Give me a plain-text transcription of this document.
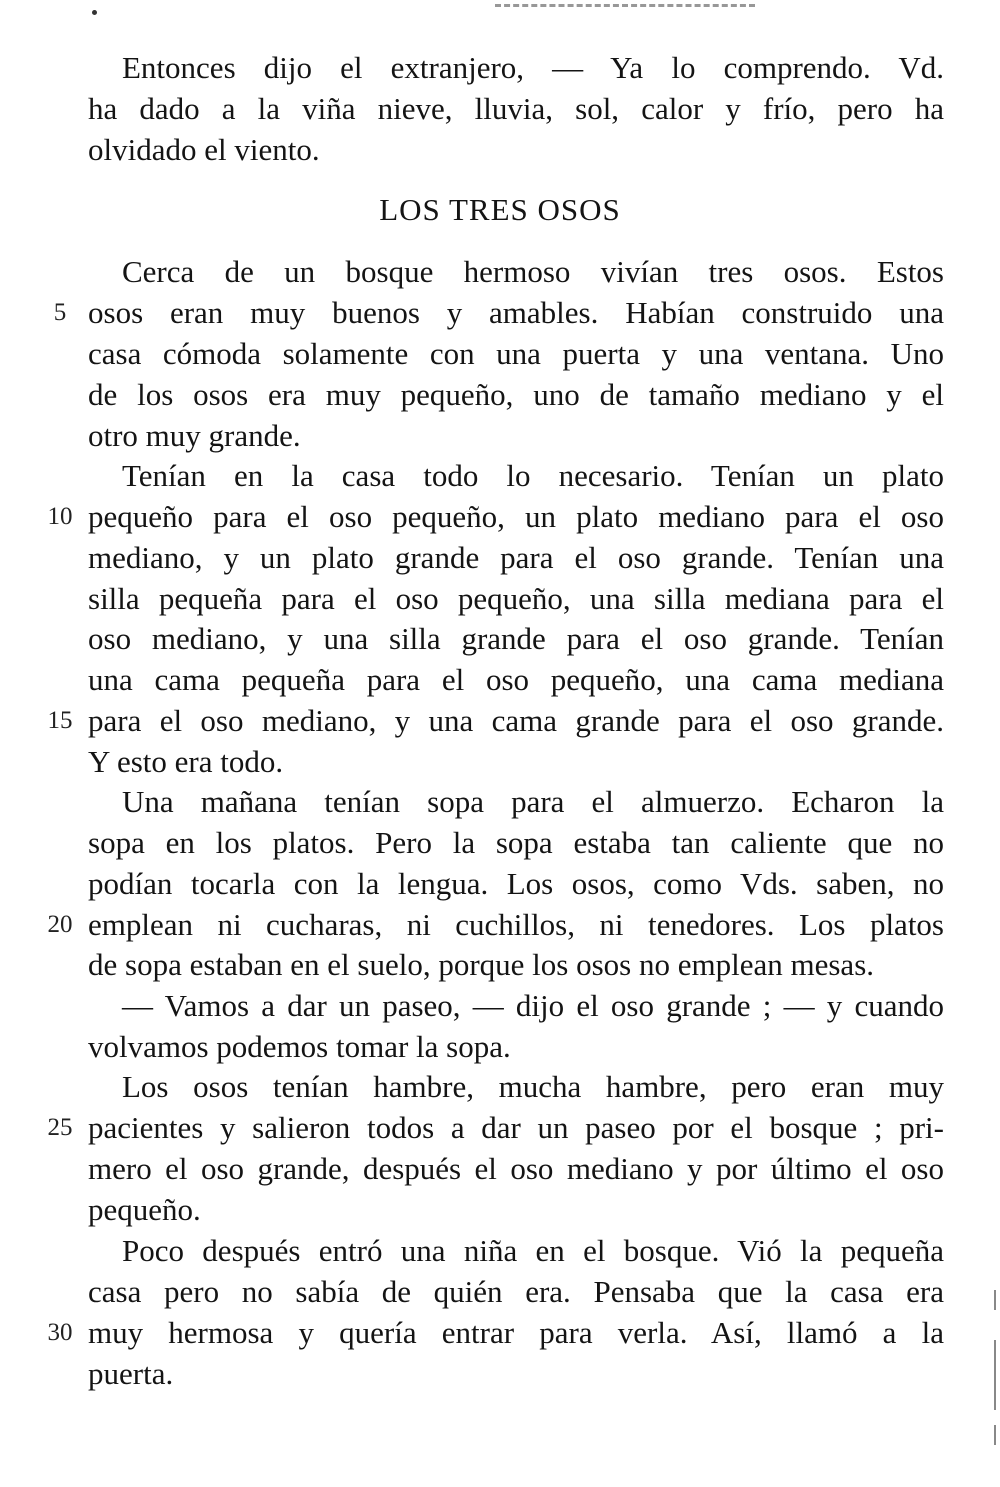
LOS TRES OSOS
Entonces dijo el extranjero, — Ya lo comprendo. Vd.
ha dado a la viña nieve, lluvia, sol, calor y frío, pero ha
olvidado el viento.
Cerca de un bosque hermoso vivían tres osos. Estos
5 osos eran muy buenos y amables. Habían construido una
casa cómoda solamente con una puerta y una ventana. Uno
de los osos era muy pequeño, uno de tamaño mediano y el
otro muy grande.
Tenían en la casa todo lo necesario. Tenían un plato
10 pequeño para el oso pequeño, un plato mediano para el oso
mediano, y un plato grande para el oso grande. Tenían una
silla pequeña para el oso pequeño, una silla mediana para el
oso mediano, y una silla grande para el oso grande. Tenían
una cama pequeña para el oso pequeño, una cama mediana
15 para el oso mediano, y una cama grande para el oso grande.
Y esto era todo.
Una mañana tenían sopa para el almuerzo. Echaron la
sopa en los platos. Pero la sopa estaba tan caliente que no
podían tocarla con la lengua. Los osos, como Vds. saben, no
20 emplean ni cucharas, ni cuchillos, ni tenedores. Los platos
de sopa estaban en el suelo, porque los osos no emplean mesas.
— Vamos a dar un paseo, — dijo el oso grande ; — y cuando
volvamos podemos tomar la sopa.
Los osos tenían hambre, mucha hambre, pero eran muy
25 pacientes y salieron todos a dar un paseo por el bosque ; pri-
mero el oso grande, después el oso mediano y por último el oso
pequeño.
Poco después entró una niña en el bosque. Vió la pequeña
casa pero no sabía de quién era. Pensaba que la casa era
30 muy hermosa y quería entrar para verla. Así, llamó a la
puerta.
